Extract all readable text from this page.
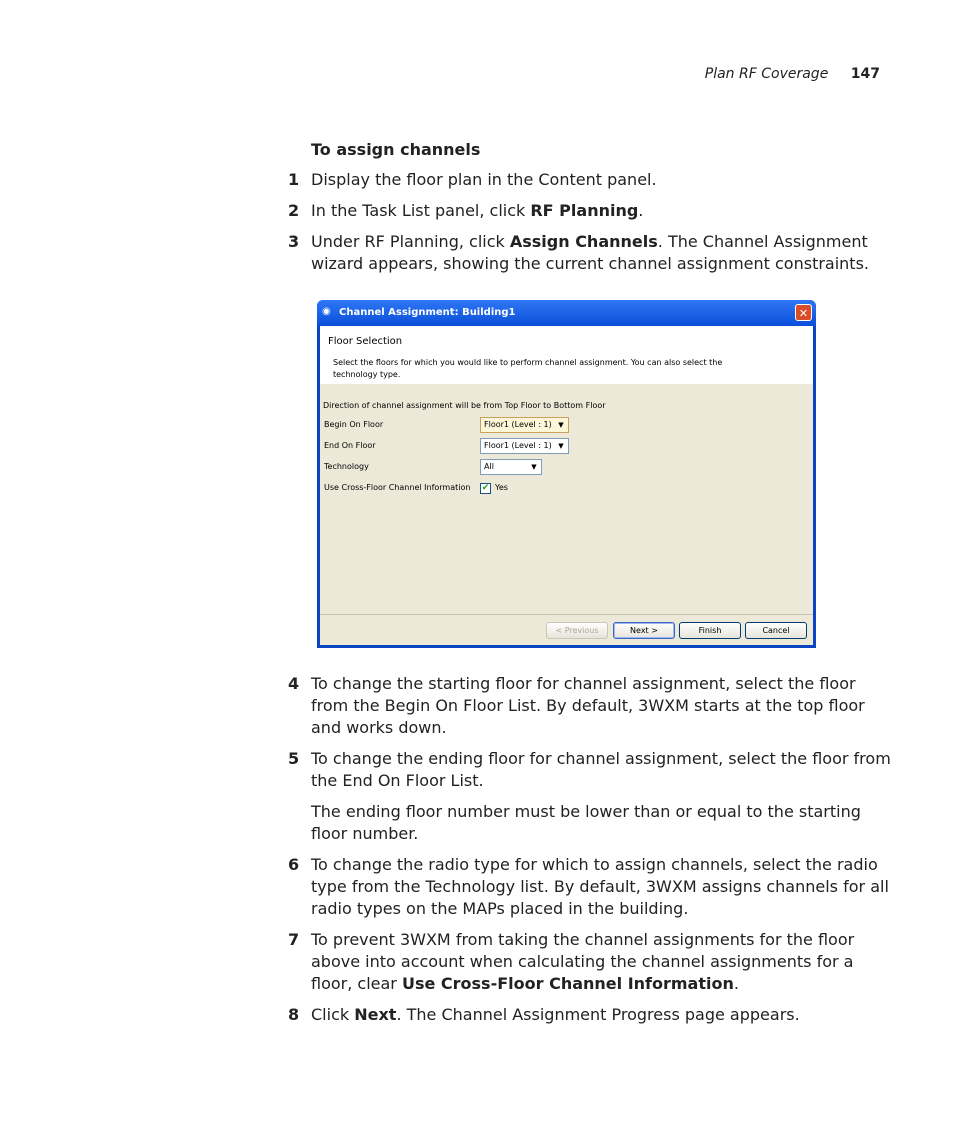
Plan RF Coverage 147
To assign channels
1 Display the floor plan in the Content panel.
2 In the Task List panel, click RF Planning.
3 Under RF Planning, click Assign Channels. The Channel Assignment wizard appears, showing the current channel assignment constraints.
◉ Channel Assignment: Building1	✕
Floor Selection
Select the floors for which you would like to perform channel assignment. You can also select the technology type.
Direction of channel assignment will be from Top Floor to Bottom Floor
Begin On Floor	Floor1 (Level : 1) ▼
End On Floor	Floor1 (Level : 1) ▼
Technology	All	▼
Use Cross-Floor Channel Information ✔ Yes
< Previous	Next >	Finish	Cancel
4 To change the starting floor for channel assignment, select the floor from the Begin On Floor List. By default, 3WXM starts at the top floor and works down.
5 To change the ending floor for channel assignment, select the floor from the End On Floor List.
The ending floor number must be lower than or equal to the starting floor number.
6 To change the radio type for which to assign channels, select the radio type from the Technology list. By default, 3WXM assigns channels for all radio types on the MAPs placed in the building.
7 To prevent 3WXM from taking the channel assignments for the floor above into account when calculating the channel assignments for a floor, clear Use Cross-Floor Channel Information.
8 Click Next. The Channel Assignment Progress page appears.
